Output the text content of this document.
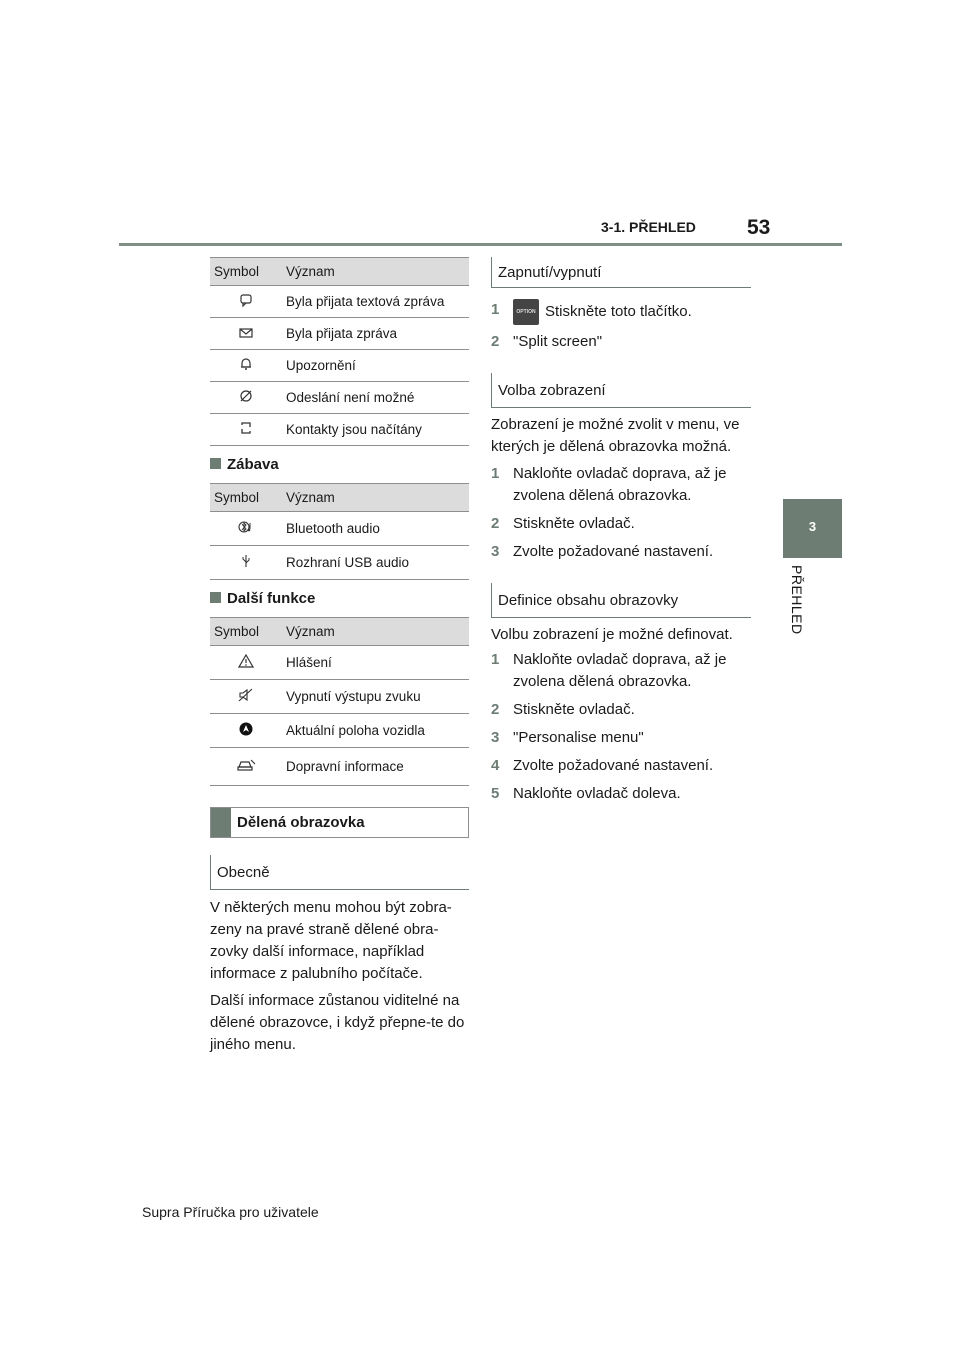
3-1. PŘEHLED 53
3
PŘEHLED
Symbol	Význam
	Byla přijata textová zpráva
	Byla přijata zpráva
	Upozornění
	Odeslání není možné
	Kontakty jsou načítány
Zábava
Symbol	Význam
	Bluetooth audio
	Rozhraní USB audio
Další funkce
Symbol	Význam
	Hlášení
	Vypnutí výstupu zvuku
	Aktuální poloha vozidla
	Dopravní informace
Dělená obrazovka
Obecně

V některých menu mohou být zobra-zeny na pravé straně dělené obra-zovky další informace, například informace z palubního počítače.

Další informace zůstanou viditelné na dělené obrazovce, i když přepne-te do jiného menu.

Zapnutí/vypnutí
1	OPTION Stiskněte toto tlačítko.
2 "Split screen"
Volba zobrazení

Zobrazení je možné zvolit v menu, ve kterých je dělená obrazovka možná.

1 Nakloňte ovladač doprava, až je zvolena dělená obrazovka.
2 Stiskněte ovladač.
3 Zvolte požadované nastavení.
Definice obsahu obrazovky

Volbu zobrazení je možné definovat.

1 Nakloňte ovladač doprava, až je zvolena dělená obrazovka.
2 Stiskněte ovladač.
3 "Personalise menu"
4 Zvolte požadované nastavení.
5 Nakloňte ovladač doleva.
Supra Příručka pro uživatele
